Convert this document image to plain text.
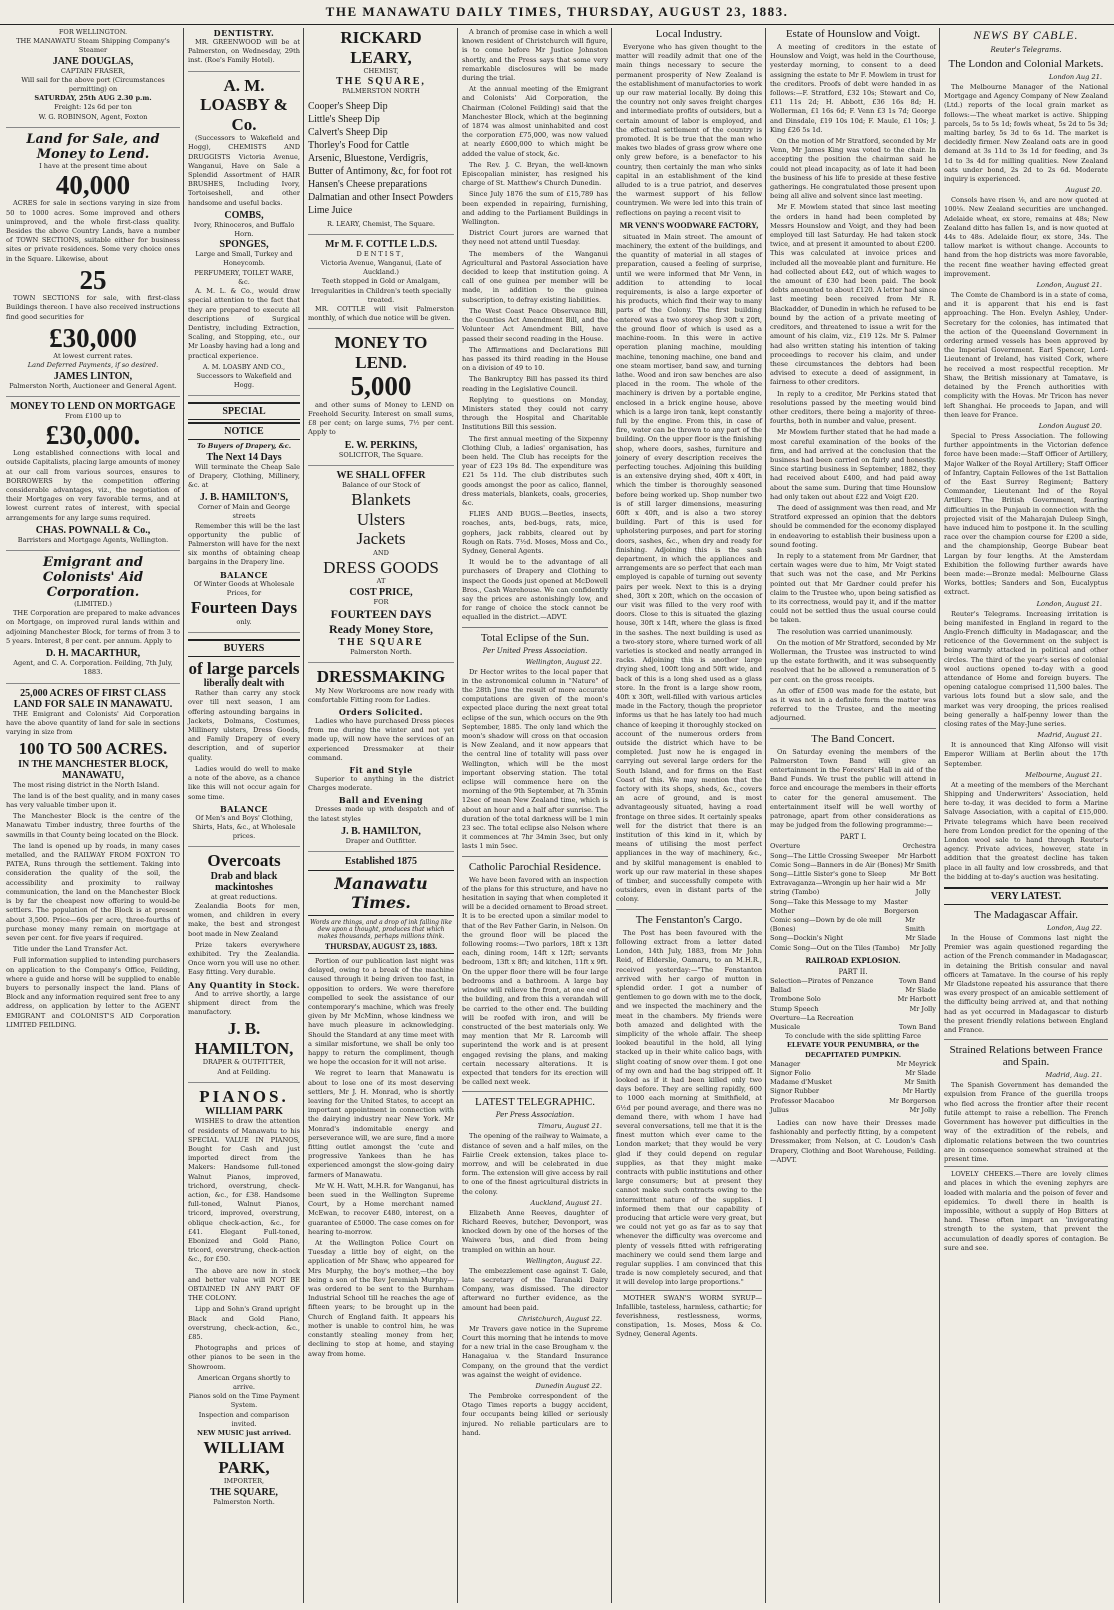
THE MANAWATU DAILY TIMES, THURSDAY, AUGUST 23, 1883.

FOR WELLINGTON.

THE MANAWATU Steam Shipping Company's Steamer

JANE DOUGLAS,

CAPTAIN FRASER,

Will sail for the above port (Circumstances permitting) on

SATURDAY, 25th AUG 2.30 p.m.

Freight: 12s 6d per ton

W. G. ROBINSON, Agent, Foxton

Land for Sale, and Money to Lend.

I have at the present time about

40,000

ACRES for sale in sections varying in size from 50 to 1000 acres. Some improved and others unimproved, and the whole first-class quality. Besides the above Country Lands, have a number of TOWN SECTIONS, suitable either for business sites or private residences. Some very choice ones in the Square. Likewise, about

25

TOWN SECTIONS for sale, with first-class Buildings thereon. I have also received instructions find good securities for

£30,000

At lowest current rates.

Land Deferred Payments, if so desired.

JAMES LINTON,

Palmerston North, Auctioneer and General Agent.

MONEY TO LEND ON MORTGAGE

From £100 up to

£30,000.

Long established connections with local and outside Capitalists, placing large amounts of money at our call from various sources, ensures to BORROWERS by the competition offering considerable advantages, viz., the negotiation of their Mortgages on very favorable terms, and at lowest current rates of interest, with special arrangements for any large sums required.

CHAS. POWNALL & Co.,

Barristers and Mortgage Agents, Wellington.

Emigrant and Colonists' Aid Corporation.

(LIMITED.)

THE Corporation are prepared to make advances on Mortgage, on improved rural lands within and adjoining Manchester Block, for terms of from 3 to 5 years. Interest, 8 per cent. per annum. Apply to

D. H. MACARTHUR,

Agent, and C. A. Corporation. Feilding, 7th July, 1883.

25,000 ACRES OF FIRST CLASS LAND FOR SALE IN MANAWATU.

THE Emigrant and Colonists' Aid Corporation have the above quantity of land for sale in sections varying in size from

100 TO 500 ACRES.
IN THE MANCHESTER BLOCK, MANAWATU,

The most rising district in the North Island.

The land is of the best quality, and in many cases has very valuable timber upon it.

The Manchester Block is the centre of the Manawatu Timber industry, three fourths of the sawmills in that County being located on the Block.

The land is opened up by roads, in many cases metalled, and the RAILWAY FROM FOXTON TO PATEA, Runs through the settlement. Taking into consideration the quality of the soil, the accessibility and proximity to railway communication, the land on the Manchester Block is by far the cheapest now offering to would-be settlers. The population of the Block is at present about 3,500. Price—60s per acre, three-fourths of purchase money many remain on mortgage at seven per cent. for five years if required.

Title under the Land Transfer Act.

Full information supplied to intending purchasers on application to the Company's Office, Feilding, where a guide and horse will be supplied to enable buyers to personally inspect the land. Plans of Block and any information required sent free to any address, on application by letter to the AGENT EMIGRANT and COLONIST'S AID Corporation LIMITED FEILDING.

DENTISTRY.

MR. GREENWOOD will be at Palmerston, on Wednesday, 29th inst. (Roe's Family Hotel).

A. M. LOASBY & Co.

(Successors to Wakefield and Hogg), CHEMISTS AND DRUGGISTS Victoria Avenue, Wanganui, Have on Sale a Splendid Assortment of HAIR BRUSHES, Including Ivory, Tortoiseshell, and other handsome and useful backs.

COMBS,

Ivory, Rhinoceros, and Buffalo Horn.

SPONGES,

Large and Small, Turkey and Honeycomb.

PERFUMERY, TOILET WARE, &c.

A. M. L. & Co., would draw special attention to the fact that they are prepared to execute all descriptions of Surgical Dentistry, including Extraction, Scaling, and Stopping, etc., our Mr Loasby having had a long and practical experience.

A. M. LOASBY AND CO., Successors to Wakefield and Hogg.

SPECIAL
NOTICE

To Buyers of Drapery, &c.

The Next 14 Days

Will terminate the Cheap Sale of Drapery, Clothing, Millinery, &c. at

J. B. HAMILTON'S,

Corner of Main and George streets

Remember this will be the last opportunity the public of Palmerston will have for the next six months of obtaining cheap bargains in the Drapery line.

BALANCE

Of Winter Goods at Wholesale Prices, for

Fourteen Days

only.

BUYERS
of large parcels
liberally dealt with

Rather than carry any stock over till next season, I am offering astounding bargains in Jackets, Dolmans, Costumes, Millinery ulsters, Dress Goods, and Family Drapery of every description, and of superior quality.

Ladies would do well to make a note of the above, as a chance like this will not occur again for some time.

BALANCE

Of Men's and Boys' Clothing, Shirts, Hats, &c., at Wholesale prices.

Overcoats
Drab and black mackintoshes

at great reductions.

Zealandia Boots for men, women, and children in every make, the best and strongest boot made in New Zealand

Prize takers everywhere exhibited. Try the Zealandia. Once worn you will use no other. Easy fitting. Very durable.

Any Quantity in Stock.

And to arrive shortly, a large shipment direct from the manufactory.

J. B. HAMILTON,

DRAPER & OUTFITTER,

And at Feilding.

PIANOS.
WILLIAM PARK

WISHES to draw the attention of residents of Manawatu to his SPECIAL VALUE IN PIANOS, Bought for Cash and just imported direct from the Makers: Handsome full-toned Walnut Pianos, improved, trichord, overstrung, check-action, &c., for £38. Handsome full-toned, Walnut Pianos, tricord, improved, overstrung, oblique check-action, &c., for £41. Elegant Full-toned, Ebonized and Gold Piano, tricord, overstrung, check-action &c., for £50.

The above are now in stock and better value will NOT BE OBTAINED IN ANY PART OF THE COLONY.

Lipp and Sohn's Grand upright Black and Gold Piano, overstrung, check-action, &c., £85.

Photographs and prices of other pianos to be seen in the Showroom.

American Organs shortly to arrive.

Pianos sold on the Time Payment System.

Inspection and comparison invited.

NEW MUSIC just arrived.

WILLIAM PARK,

IMPORTER,

THE SQUARE,

Palmerston North.

RICKARD LEARY,

CHEMIST,

THE SQUARE,

PALMERSTON NORTH

Cooper's Sheep Dip
Little's Sheep Dip
Calvert's Sheep Dip
Thorley's Food for Cattle
Arsenic, Bluestone, Verdigris, Butter of Antimony, &c, for foot rot
Hansen's Cheese preparations
Dalmatian and other Insect Powders
Lime Juice

R. LEARY, Chemist, The Square.

Mr M. F. COTTLE L.D.S.

DENTIST,

Victoria Avenue, Wanganui, (Late of Auckland.)

Teeth stopped in Gold or Amalgam,

Irregularities in Children's teeth specially treated.

MR. COTTLE will visit Palmerston monthly, of which due notice will be given.

MONEY TO LEND.
5,000

and other sums of Money to LEND on Freehold Security. Interest on small sums, £8 per cent; on large sums, 7½ per cent. Apply to

E. W. PERKINS,

SOLICITOR, The Square.

WE SHALL OFFER

Balance of our Stock of

Blankets
Ulsters
Jackets

AND

DRESS GOODS

AT

COST PRICE,

FOR

FOURTEEN DAYS
Ready Money Store,
THE SQUARE

Palmerston North.

DRESSMAKING

My New Workrooms are now ready with comfortable Fitting room for Ladies.

Orders Solicited.

Ladies who have purchased Dress pieces from me during the winter and not yet made up, will now have the services of an experienced Dressmaker at their command.

Fit and Style

Superior to anything in the district Charges moderate.

Ball and Evening

Dresses made up with despatch and of the latest styles

J. B. HAMILTON,

Draper and Outfitter.

Established 1875
Manawatu Times.
Words are things, and a drop of ink falling like dew upon a thought, produces that which makes thousands, perhaps millions think.
THURSDAY, AUGUST 23, 1883.

Portion of our publication last night was delayed, owing to a break of the machine caused through it being driven too fast, in opposition to orders. We were therefore compelled to seek the assistance of our contemporary's machine, which was freely given by Mr McMinn, whose kindness we have much pleasure in acknowledging. Should the Standard at any time meet with a similar misfortune, we shall be only too happy to return the compliment, though we hope the occasion for it will not arise.

We regret to learn that Manawatu is about to lose one of its most deserving settlers, Mr J. H. Monrad, who is shortly leaving for the United States, to accept an important appointment in connection with the dairying industry near New York. Mr Monrad's indomitable energy and perseverance will, we are sure, find a more fitting outlet amongst the 'cute and progressive Yankees than he has experienced amongst the slow-going dairy farmers of Manawatu.

Mr W. H. Watt, M.H.R. for Wanganui, has been sued in the Wellington Supreme Court, by a Home merchant named McEwan, to recover £480, interest, on a guarantee of £5000. The case comes on for hearing to-morrow.

At the Wellington Police Court on Tuesday a little boy of eight, on the application of Mr Shaw, who appeared for Mrs Murphy, the boy's mother,—the boy being a son of the Rev Jeremiah Murphy—was ordered to be sent to the Burnham Industrial School till he reaches the age of fifteen years; to be brought up in the Church of England faith. It appears his mother is unable to control him, he was constantly stealing money from her, declining to stop at home, and staying away from home.

A branch of promise case in which a well known resident of Christchurch will figure, is to come before Mr Justice Johnston shortly, and the Press says that some very remarkable disclosures will be made during the trial.

At the annual meeting of the Emigrant and Colonists' Aid Corporation, the Chairman (Colonel Feilding) said that the Manchester Block, which at the beginning of 1874 was almost uninhabited and cost the corporation £75,000, was now valued at nearly £600,000 to which might be added the value of stock, &c.

The Rev. J. C. Bryan, the well-known Episcopalian minister, has resigned his charge of St. Matthew's Church Dunedin.

Since July 1876 the sum of £15,789 has been expended in repairing, furnishing, and adding to the Parliament Buildings in Wellington.

District Court jurors are warned that they need not attend until Tuesday.

The members of the Wanganui Agricultural and Pastoral Association have decided to keep that institution going. A call of one guinea per member will be made, in addition to the guinea subscription, to defray existing liabilities.

The West Coast Peace Observance Bill, the Counties Act Amendment Bill, and the Volunteer Act Amendment Bill, have passed their second reading in the House.

The Affirmations and Declarations Bill has passed its third reading in the House on a division of 49 to 10.

The Bankruptcy Bill has passed its third reading in the Legislative Council.

Replying to questions on Monday, Ministers stated they could not carry through the Hospital and Charitable Institutions Bill this session.

The first annual meeting of the Sixpenny Clothing Club, a ladies' organisation, has been held. The Club has receipts for the year of £23 19s 8d. The expenditure was £21 5s 11d. The club distributes such goods amongst the poor as calico, flannel, dress materials, blankets, coals, groceries, &c.

FLIES AND BUGS.—Beetles, insects, roaches, ants, bed-bugs, rats, mice, gophers, jack rabbits, cleared out by Rough on Rats. 7½d. Moses, Moss and Co., Sydney, General Agents.

It would be to the advantage of all purchasers of Drapery and Clothing to inspect the Goods just opened at McDowell Bros., Cash Warehouse. We can confidently say the prices are astonishingly low, and for range of choice the stock cannot be equalled in the district.—ADVT.

Total Eclipse of the Sun.
Per United Press Association.
Wellington, August 22.

Dr Hector writes to the local paper that in the astronomical column in "Nature" of the 28th June the result of more accurate computations are given of the moon's expected place during the next great total eclipse of the sun, which occurs on the 9th September, 1885. The only land which the moon's shadow will cross on that occasion is New Zealand, and it now appears that the central line of totality will pass over Wellington, which will be the most important observing station. The total eclipse will commence here on the morning of the 9th September, at 7h 35min 12sec of mean New Zealand time, which is about an hour and a half after sunrise. The duration of the total darkness will be 1 min 23 sec. The total eclipse also Nelson where it commences at 7hr 34min 3sec, but only lasts 1 min 5sec.

Catholic Parochial Residence.

We have been favored with an inspection of the plans for this structure, and have no hesitation in saying that when completed it will be a decided ornament to Broad street. It is to be erected upon a similar model to that of the Rev Father Garin, in Nelson. On the ground floor will be placed the following rooms:—Two parlors, 18ft x 13ft each, dining room, 14ft x 12ft; servants bedroom, 13ft x 8ft; and kitchen, 11ft x 9ft. On the upper floor there will be four large bedrooms and a bathroom. A large bay window will relieve the front, at one end of the building, and from this a verandah will be carried to the other end. The building will be roofed with iron, and will be constructed of the best materials only. We may mention that Mr R. Larcomb will superintend the work and is at present engaged revising the plans, and making certain necessary alterations. It is expected that tenders for its erection will be called next week.

LATEST TELEGRAPHIC.
Per Press Association.
Timaru, August 21.

The opening of the railway to Waimate, a distance of seven and a half miles, on the Fairlie Creek extension, takes place to-morrow, and will be celebrated in due form. The extension will give access by rail to one of the finest agricultural districts in the colony.

Auckland, August 21.

Elizabeth Anne Reeves, daughter of Richard Reeves, butcher, Devonport, was knocked down by one of the horses of the Waiwera 'bus, and died from being trampled on within an hour.

Wellington, August 22.

The embezzlement case against T. Gale, late secretary of the Taranaki Dairy Company, was dismissed. The director afterward no further evidence, as the amount had been paid.

Christchurch, August 22.

Mr Travers gave notice in the Supreme Court this morning that he intends to move for a new trial in the case Brougham v. the Hanagaiua v. the Standard Insurance Company, on the ground that the verdict was against the weight of evidence.

Dunedin August 22.

The Pembroke correspondent of the Otago Times reports a buggy accident, four occupants being killed or seriously injured. No reliable particulars are to hand.

Local Industry.

Everyone who has given thought to the matter will readily admit that one of the main things necessary to secure the permanent prosperity of New Zealand is the establishment of manufactories to work up our raw material locally. By doing this the country not only saves freight charges and intermediate profits of outsiders, but a certain amount of labor is employed, and the effectual settlement of the country is promoted. It is be true that the man who makes two blades of grass grow where one only grew before, is a benefactor to his country, then certainly the man who sinks capital in an establishment of the kind alluded to is a true patriot, and deserves the warmest support of his fellow countrymen. We were led into this train of reflections on paying a recent visit to

MR VENN'S WOODWARE FACTORY,

situated in Main street. The amount of machinery, the extent of the buildings, and the quantity of material in all stages of preparation, caused a feeling of surprise, until we were informed that Mr Venn, in addition to attending to local requirements, is also a large exporter of his products, which find their way to many parts of the Colony. The first building entered was a two storey shop 30ft x 20ft, the ground floor of which is used as a machine-room. In this were in active operation planing machine, moulding machine, tenoning machine, one band and one steam mortiser, band saw, and turning lathe. Wood and iron saw benches are also placed in the room. The whole of the machinery is driven by a portable engine, enclosed in a brick engine house, above which is a large iron tank, kept constantly full by the engine. From this, in case of fire, water can be thrown to any part of the building. On the upper floor is the finishing shop, where doors, sashes, furniture and joinery of every description receives the perfecting touches. Adjoining this building is an extensive drying shed, 40ft x 40ft, in which the timber is thoroughly seasoned before being worked up. Shop number two is of still larger dimensions, measuring 60ft x 40ft, and is also a two storey building. Part of this is used for upholstering purposes, and part for storing doors, sashes, &c., when dry and ready for finishing. Adjoining this is the sash department, in which the appliances and arrangements are so perfect that each man employed is capable of turning out seventy pairs per week. Next to this is a drying shed, 30ft x 20ft, which on the occasion of our visit was filled to the very roof with doors. Close to this is situated the glazing house, 30ft x 14ft, where the glass is fixed in the sashes. The next building is used as a two-story store, where turned work of all varieties is stocked and neatly arranged in racks. Adjoining this is another large drying shed, 100ft long and 50ft wide, and back of this is a long shed used as a glass store. In the front is a large show room, 40ft x 30ft, well-filled with various articles made in the Factory, though the proprietor informs us that he has lately too had much chance of keeping it thoroughly stocked on account of the numerous orders from outside the district which have to be completed. Just now he is engaged in carrying out several large orders for the South Island, and for firms on the East Coast of this. We may mention that the factory with its shops, sheds, &c., covers an acre of ground, and is most advantageously situated, having a road frontage on three sides. It certainly speaks well for the district that there is an institution of this kind in it, which by means of utilising the most perfect appliances in the way of machinery, &c., and by skilful management is enabled to work up our raw material in these shapes of timber, and successfully compete with outsiders, even in distant parts of the colony.

The Fenstanton's Cargo.

The Post has been favoured with the following extract from a letter dated London, 14th July, 1883, from Mr John Reid, of Elderslie, Oamaru, to an M.H.R., received yesterday:—"The Fenstanton arrived with her cargo of mutton in splendid order. I got a number of gentlemen to go down with me to the dock, and we inspected the machinery and the meat in the chambers. My friends were both amazed and delighted with the simplicity of the whole affair. The sheep looked beautiful in the hold, all lying stacked up in their white calico bags, with slight coating of snow over them. I got one of my own and had the bag stripped off. It looked as if it had been killed only two days before. They are selling rapidly, 600 to 1000 each morning at Smithfield, at 6½d per pound average, and there was no demand there, with whom I have had several conversations, tell me that it is the finest mutton which ever came to the London market; that they would be very glad if they could depend on regular supplies, as that they might make contracts with public institutions and other large consumers; but at present they cannot make such contracts owing to the intermittent nature of the supplies. I informed them that our capability of producing that article were very great, but we could not yet go as far as to say that whenever the difficulty was overcome and plenty of vessels fitted with refrigerating machinery we could send them large and regular supplies. I am convinced that this trade is now completely secured, and that it will develop into large proportions."

MOTHER SWAN'S WORM SYRUP—Infallible, tasteless, harmless, cathartic; for feverishness, restlessness, worms, constipation, 1s. Moses, Moss & Co. Sydney, General Agents.

Estate of Hounslow and Voigt.

A meeting of creditors in the estate of Hounslow and Voigt, was held in the Courthouse, yesterday morning, to consent to a deed assigning the estate to Mr F. Mowlem in trust for the creditors. Proofs of debt were handed in as follows:—F. Stratford, £32 10s; Stewart and Co, £11 11s 2d; H. Abbott, £36 16s 8d; H. Wollerman, £1 16s 6d; F. Venn £3 1s 7d; George and Dinsdale, £19 10s 10d; F. Maule, £1 10s; J. King £26 5s 1d.

On the motion of Mr Stratford, seconded by Mr Venn, Mr James King was voted to the chair. In accepting the position the chairman said he could not plead incapacity, as of late it had been the business of his life to preside at these festive gatherings. He congratulated those present upon being all alive and solvent since last meeting.

Mr F. Mowlem stated that since last meeting the orders in hand had been completed by Messrs Hounslow and Voigt, and they had been employed till last Saturday. He had taken stock twice, and at present it amounted to about £200. This was calculated at invoice prices and included all the moveable plant and furniture. He had collected about £42, out of which wages to the amount of £30 had been paid. The book debts amounted to about £120. A letter had since last meeting been received from Mr R. Blackadder, of Dunedin in which he refused to be bound by the action of a private meeting of creditors, and threatened to issue a writ for the amount of his claim, viz., £19 12s. Mr S. Palmer had also written stating his intention of taking proceedings to recover his claim, and under these circumstances the debtors had been advised to execute a deed of assignment, in fairness to other creditors.

In reply to a creditor, Mr Perkins stated that resolutions passed by the meeting would bind other creditors, there being a majority of three-fourths, both in number and value, present.

Mr Mowlem further stated that he had made a most careful examination of the books of the firm, and had arrived at the conclusion that the business had been carried on fairly and honestly. Since starting business in September, 1882, they had received about £400, and had paid away about the same sum. During that time Hounslow had only taken out about £22 and Voigt £20.

The deed of assignment was then read, and Mr Stratford expressed an opinion that the debtors should be commended for the economy displayed in endeavoring to establish their business upon a sound footing.

In reply to a statement from Mr Gardner, that certain wages were due to him, Mr Voigt stated that such was not the case, and Mr Perkins pointed out that Mr Gardner could prefer his claim to the Trustee who, upon being satisfied as to its correctness, would pay it, and if the matter could not be settled thus the usual course could be taken.

The resolution was carried unanimously.

On the motion of Mr Stratford, seconded by Mr Wollerman, the Trustee was instructed to wind up the estate forthwith, and it was subsequently resolved that he be allowed a remuneration of 5 per cent. on the gross receipts.

An offer of £500 was made for the estate, but as it was not in a definite form the matter was referred to the Trustee, and the meeting adjourned.

The Band Concert.

On Saturday evening the members of the Palmerston Town Band will give an entertainment in the Foresters' Hall in aid of the Band Funds. We trust the public will attend in force and encourage the members in their efforts to cater for the general amusement. The entertainment itself will be well worthy of patronage, apart from other considerations as may be judged from the following programme:—

PART I.
Overture	Orchestra
Song—The Little Crossing Sweeper Mr Harbott
Comic Song—Banners in de Air (Bones) Mr Smith
Song—Little Sister's gone to Sleep	Mr Bott
Extravaganza—Wrongin up her hair wid a string (Tambo)
Mr Jolly
Song—Take this Message to my Mother
Master Borgerson
Comic song—Down by de ole mill (Bones)
Mr Smith
Song—Dockin's Night	Mr Slade
Comic Song—Out on the Tiles (Tambo) Mr Jolly
RAILROAD EXPLOSION.
PART II.
Selection—Pirates of Penzance	Town Band
Ballad	Mr Slade
Trombone Solo	Mr Harbott
Stump Speech	Mr Jolly
Overture—La Recreation
Musicale	Town Band

To conclude with the side splitting Farce

ELEVATE YOUR PENUMBRA, or the DECAPITATED PUMPKIN.

Manager	Mr Meyrick
Signor Folio	Mr Slade
Madame d'Musket	Mr Smith
Signor Rubber	Mr Hartly
Professor Macaboo	Mr Borgerson
Julius	Mr Jolly

Ladies can now have their Dresses made fashionably and perfectly fitting, by a competent Dressmaker, from Nelson, at C. Loudon's Cash Drapery, Clothing and Boot Warehouse, Feilding.—ADVT.

NEWS BY CABLE.
Reuter's Telegrams.
The London and Colonial Markets.
London Aug 21.

The Melbourne Manager of the National Mortgage and Agency Company of New Zealand (Ltd.) reports of the local grain market as follows:—The wheat market is active. Shipping parcels, 5s to 5s 1d; fowls wheat, 5s 2d to 5s 3d; malting barley, 5s 3d to 6s 1d. The market is decidedly firmer. New Zealand oats are in good demand at 3s 11d to 3s 1d for feeding, and 3s 1d to 3s 4d for milling qualities. New Zealand oats under bond, 2s 2d to 2s 6d. Moderate inquiry is experienced.

August 20.

Consols have risen ⅛, and are now quoted at 100⅛. New Zealand securities are unchanged. Adelaide wheat, ex store, remains at 48s; New Zealand ditto has fallen 1s, and is now quoted at 44s to 48s. Adelaide flour, ex store, 34s. The tallow market is without change. Accounts to hand from the hop districts was more favorable, the recent fine weather having effected great improvement.

London, August 21.

The Comte de Chambord is in a state of coma, and it is apparent that his end is fast approaching. The Hon. Evelyn Ashley, Under-Secretary for the colonies, has intimated that the action of the Queensland Government in ordering armed vessels has been approved by the Imperial Government. Earl Spencer, Lord-Lieutenant of Ireland, has visited Cork, where he received a most respectful reception. Mr Shaw, the British missionary at Tamatave, is detained by the French authorities with complicity with the Hovas. Mr Tricon has never left Shanghai. He proceeds to Japan, and will then leave for France.

London August 20.

Special to Press Association. The following further appointments in the Victorian defence force have been made:—Staff Officer of Artillery, Major Walker of the Royal Artillery; Staff Officer of Infantry, Captain Fellowes of the 1st Battalion of the East Surrey Regiment; Battery Commander, Lieutenant Ind of the Royal Artillery. The British Government, fearing difficulties in the Punjaub in connection with the projected visit of the Maharajah Duleep Singh, have induced him to postpone it. In the sculling race over the champion course for £200 a side, and the championship, George Bubear beat Largan by four lengths. At the Amsterdam Exhibition the following further awards have been made:—Bronze medal: Melbourne Glass Works, bottles; Sanders and Son, Eucalyptus extract.

London, August 21.

Reuter's Telegrams. Increasing irritation is being manifested in England in regard to the Anglo-French difficulty in Madagascar, and the reticence of the Government on the subject is being warmly attacked in political and other circles. The third of the year's series of colonial wool auctions opened to-day with a good attendance of Home and foreign buyers. The opening catalogue comprised 11,500 bales. The various lots found but a slow sale, and the market was very drooping, the prices realised being generally a half-penny lower than the closing rates of the May-June series.

Madrid, August 21.

It is announced that King Alfonso will visit Emperor William at Berlin about the 17th September.

Melbourne, August 21.

At a meeting of the members of the Merchant Shipping and Underwriters' Association, held here to-day, it was decided to form a Marine Salvage Association, with a capital of £15,000. Private telegrams which have been received here from London predict for the opening of the London wool sale to hand through Reuter's agency. Private advices, however, state in addition that the greatest decline has taken place in all faulty and low crossbreds, and that the bidding at to-day's auction was hesitating.

VERY LATEST.
The Madagascar Affair.
London, Aug 22.

In the House of Commons last night the Premier was again questioned regarding the action of the French commander in Madagascar, in detaining the British consular and naval officers at Tamatave. In the course of his reply Mr Gladstone repeated his assurance that there was every prospect of an amicable settlement of the difficulty being arrived at, and that nothing had as yet occurred in Madagascar to disturb the present friendly relations between England and France.

Strained Relations between France and Spain.
Madrid, Aug. 21.

The Spanish Government has demanded the expulsion from France of the guerilla troops who fled across the frontier after their recent futile attempt to raise a rebellion. The French Government has however put difficulties in the way of the extradition of the rebels, and diplomatic relations between the two countries are in consequence somewhat strained at the present time.

LOVELY CHEEKS.—There are lovely climes and places in which the evening zephyrs are loaded with malaria and the poison of fever and epidemics. To dwell there in health is impossible, without a supply of Hop Bitters at hand. These often impart an 'invigorating strength to the system, that prevent the accumulation of deadly spores of contagion. Be sure and see.
